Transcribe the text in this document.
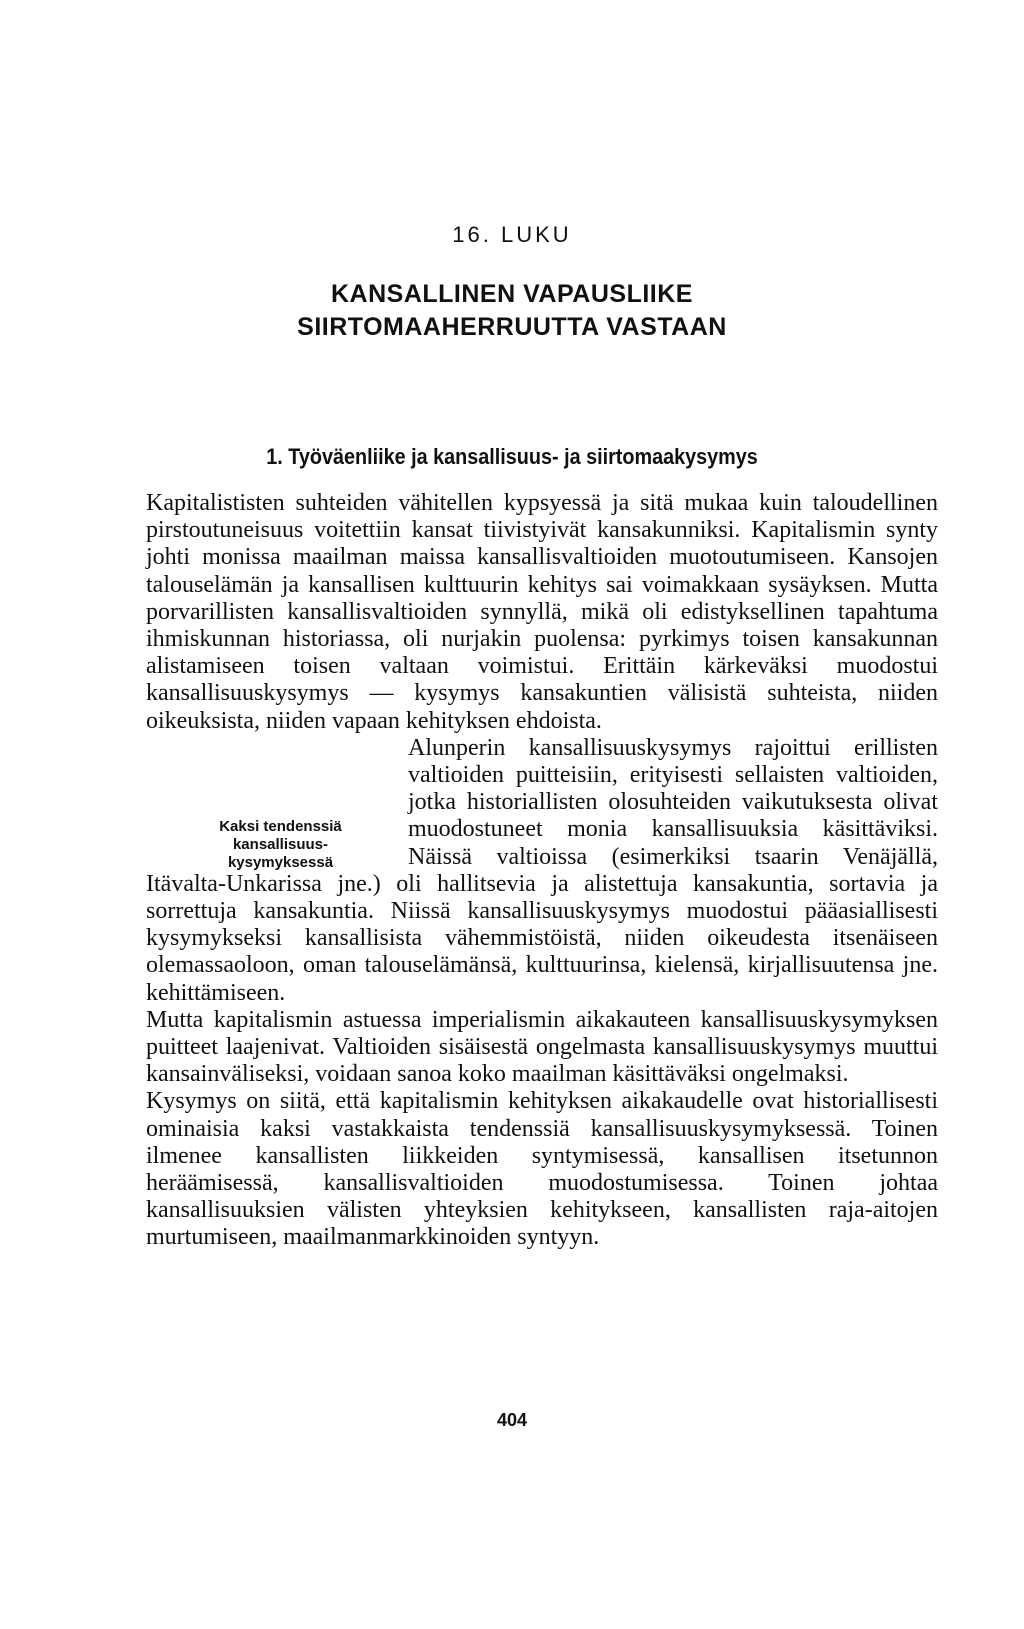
16. LUKU
KANSALLINEN VAPAUSLIIKE
SIIRTOMAAHERRUUTTA VASTAAN
1. Työväenliike ja kansallisuus- ja siirtomaakysymys

Kapitalististen suhteiden vähitellen kypsyessä ja sitä mukaa kuin taloudellinen pirstoutuneisuus voitettiin kansat tiivistyivät kansakunniksi. Kapitalismin synty johti monissa maailman maissa kansallisvaltioiden muotoutumiseen. Kansojen talouselämän ja kansallisen kulttuurin kehitys sai voimakkaan sysäyksen. Mutta porvarillisten kansallisvaltioiden synnyllä, mikä oli edistyksellinen tapahtuma ihmiskunnan historiassa, oli nurjakin puolensa: pyrkimys toisen kansakunnan alistamiseen toisen valtaan voimistui. Erittäin kärkeväksi muodostui kansallisuuskysymys — kysymys kansakuntien välisistä suhteista, niiden oikeuksista, niiden vapaan kehityksen ehdoista.

Alunperin kansallisuuskysymys rajoittui erillisten valtioiden puitteisiin, erityisesti sellaisten valtioiden, jotka historiallisten olosuhteiden vaikutuksesta olivat muodostuneet monia kansallisuuksia käsittäviksi. Näissä valtioissa (esimerkiksi tsaarin Venäjällä, Itävalta-Unkarissa jne.) oli hallitsevia ja alistettuja kansakuntia, sortavia ja sorrettuja kansakuntia. Niissä kansallisuuskysymys muodostui pääasiallisesti kysymykseksi kansallisista vähemmistöistä, niiden oikeudesta itsenäiseen olemassaoloon, oman talouselämänsä, kulttuurinsa, kielensä, kirjallisuutensa jne. kehittämiseen.

Mutta kapitalismin astuessa imperialismin aikakauteen kansallisuuskysymyksen puitteet laajenivat. Valtioiden sisäisestä ongelmasta kansallisuuskysymys muuttui kansainväliseksi, voidaan sanoa koko maailman käsittäväksi ongelmaksi.

Kysymys on siitä, että kapitalismin kehityksen aikakaudelle ovat historiallisesti ominaisia kaksi vastakkaista tendenssiä kansallisuuskysymyksessä. Toinen ilmenee kansallisten liikkeiden syntymisessä, kansallisen itsetunnon heräämisessä, kansallisvaltioiden muodostumisessa. Toinen johtaa kansallisuuksien välisten yhteyksien kehitykseen, kansallisten raja-aitojen murtumiseen, maailmanmarkkinoiden syntyyn.

Kaksi tendenssiä
kansallisuus-
kysymyksessä
404
